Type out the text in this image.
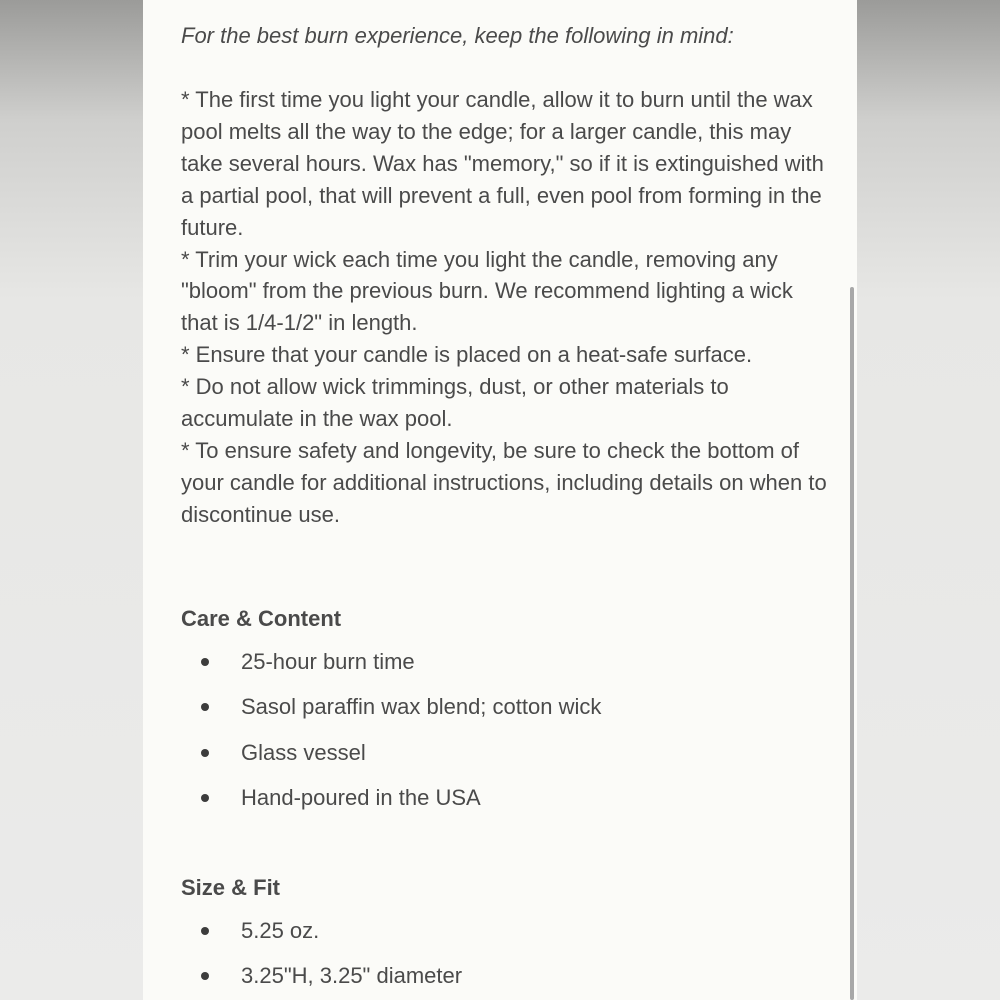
For the best burn experience, keep the following in mind:

* The first time you light your candle, allow it to burn until the wax pool melts all the way to the edge; for a larger candle, this may take several hours. Wax has "memory," so if it is extinguished with a partial pool, that will prevent a full, even pool from forming in the future.

* Trim your wick each time you light the candle, removing any "bloom" from the previous burn. We recommend lighting a wick that is 1/4-1/2" in length.

* Ensure that your candle is placed on a heat-safe surface.

* Do not allow wick trimmings, dust, or other materials to accumulate in the wax pool.

* To ensure safety and longevity, be sure to check the bottom of your candle for additional instructions, including details on when to discontinue use.

Care & Content
25-hour burn time
Sasol paraffin wax blend; cotton wick
Glass vessel
Hand-poured in the USA
Size & Fit
5.25 oz.
3.25"H, 3.25" diameter
